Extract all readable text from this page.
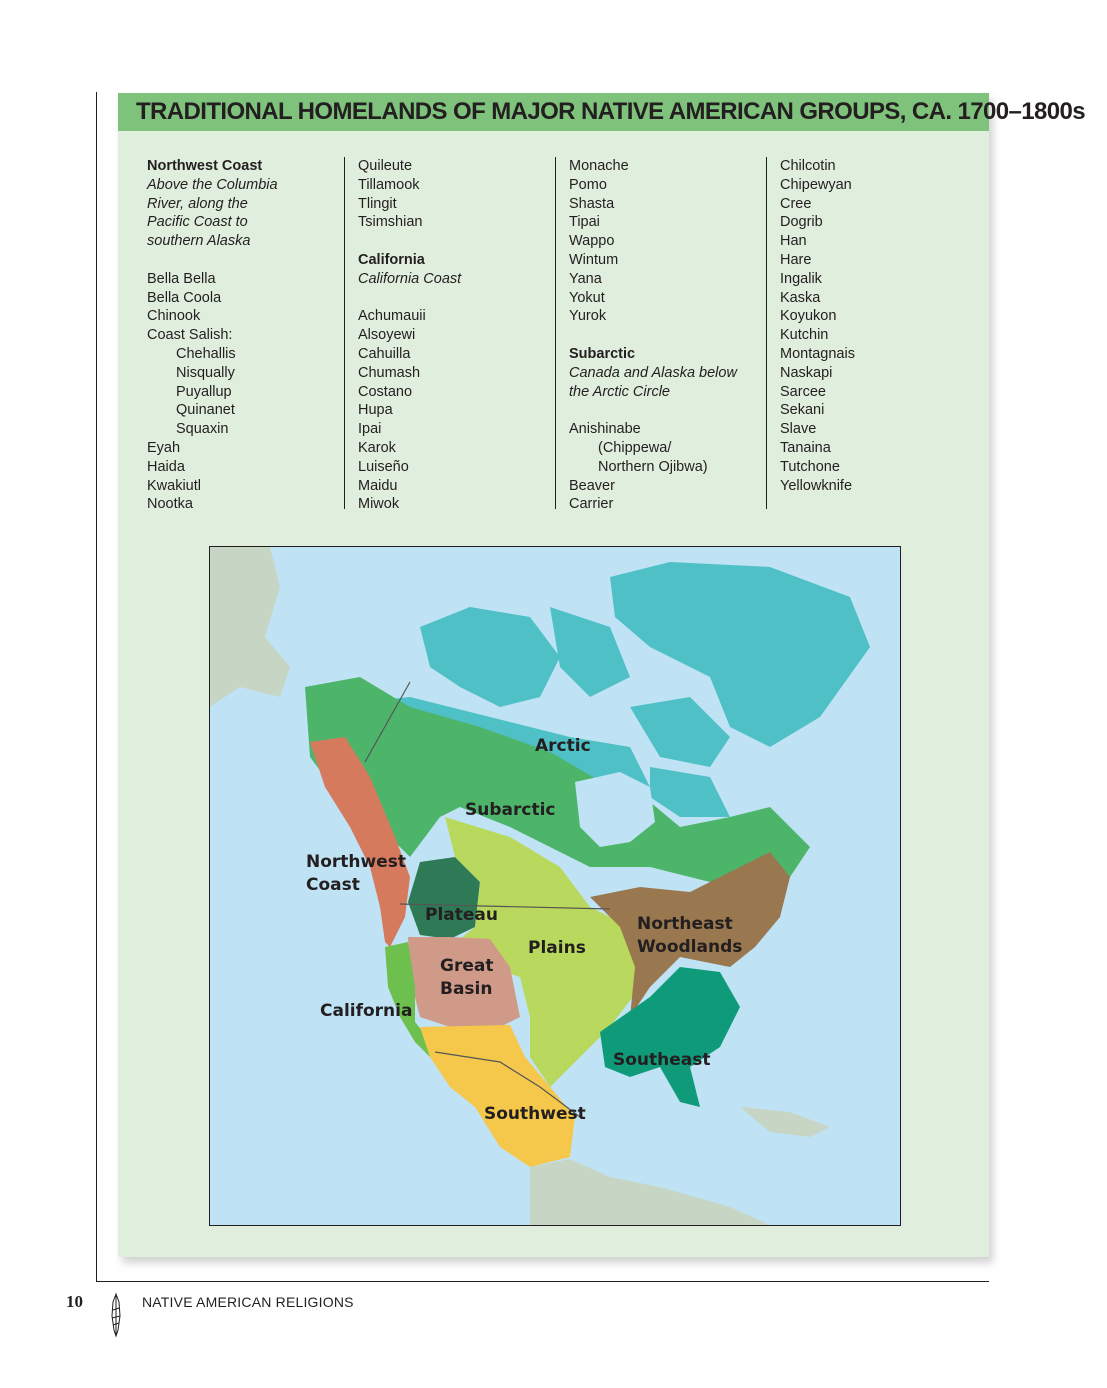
TRADITIONAL HOMELANDS OF MAJOR NATIVE AMERICAN GROUPS, CA. 1700–1800s
Northwest Coast
Above the Columbia
River, along the
Pacific Coast to
southern Alaska
Bella Bella
Bella Coola
Chinook
Coast Salish:
Chehallis
Nisqually
Puyallup
Quinanet
Squaxin
Eyah
Haida
Kwakiutl
Nootka
Quileute
Tillamook
Tlingit
Tsimshian
California
California Coast
Achumauii
Alsoyewi
Cahuilla
Chumash
Costano
Hupa
Ipai
Karok
Luiseño
Maidu
Miwok
Monache
Pomo
Shasta
Tipai
Wappo
Wintum
Yana
Yokut
Yurok
Subarctic
Canada and Alaska below
the Arctic Circle
Anishinabe
(Chippewa/
Northern Ojibwa)
Beaver
Carrier
Chilcotin
Chipewyan
Cree
Dogrib
Han
Hare
Ingalik
Kaska
Koyukon
Kutchin
Montagnais
Naskapi
Sarcee
Sekani
Slave
Tanaina
Tutchone
Yellowknife
Arctic
Subarctic
Northwest
Coast
Plateau
Plains
Great
Basin
California
Northeast
Woodlands
Southeast
Southwest
10	NATIVE AMERICAN RELIGIONS
